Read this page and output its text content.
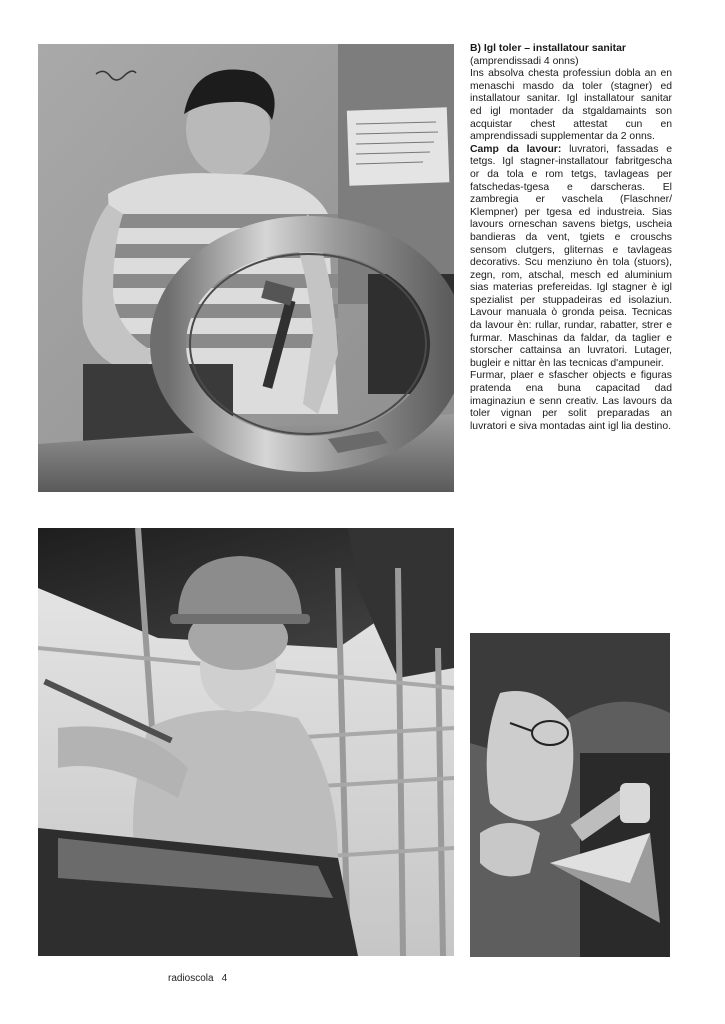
B) Igl toler – installatour sanitar

(amprendissadi 4 onns)

Ins absolva chesta professiun dobla an en menaschi masdo da toler (stagner) ed installatour sanitar. Igl installatour sanitar ed igl montader da stgaldamaints son acquistar chest attestat cun en amprendissadi supplementar da 2 onns.

Camp da lavour: luvratori, fassadas e tetgs. Igl stagner-installatour fabritgescha or da tola e rom tetgs, tavlageas per fatschedas-tgesa e darscheras. El zambregia er vaschela (Flaschner/ Klempner) per tgesa ed industreia. Sias lavours orneschan savens bietgs, uscheia bandieras da vent, tgiets e crouschs sensom clutgers, gliternas e tavlageas decorativs. Scu menziuno èn tola (stuors), zegn, rom, atschal, mesch ed aluminium sias materias prefereidas. Igl stagner è igl spezialist per stuppadeiras ed isolaziun. Lavour manuala ò gronda peisa. Tecnicas da lavour èn: rullar, rundar, rabatter, strer e furmar. Maschinas da faldar, da taglier e storscher cattainsa an luvratori. Lutager, bugleir e nittar èn las tecnicas d'ampuneir.

Furmar, plaer e sfascher objects e figuras pratenda ena buna capacitad dad imaginaziun e senn creativ. Las lavours da toler vignan per solit preparadas an luvratori e siva montadas aint igl lia destino.

radioscola 4
